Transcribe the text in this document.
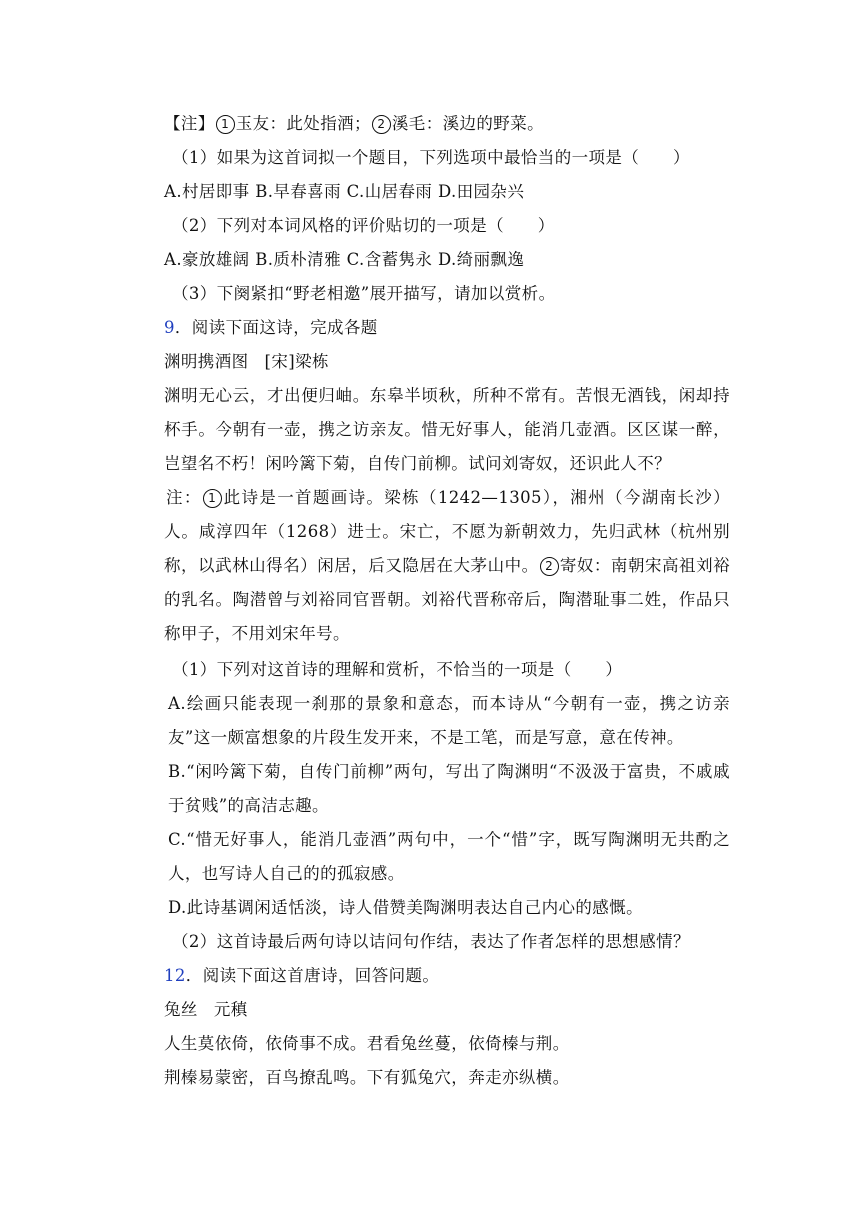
【注】 1 玉友：此处指酒； 2 溪毛：溪边的野菜。
（1）如果为这首词拟一个题目，下列选项中最恰当的一项是（　　）
A.村居即事 B.早春喜雨 C.山居春雨 D.田园杂兴
（2）下列对本词风格的评价贴切的一项是（　　）
A.豪放雄阔 B.质朴清雅 C.含蓄隽永 D.绮丽飘逸
（3）下阕紧扣“野老相邀”展开描写，请加以赏析。
9．阅读下面这诗，完成各题
渊明携酒图 [宋]梁栋
渊明无心云，才出便归岫。东皋半顷秋，所种不常有。苦恨无酒钱，闲却持杯手。今朝有一壶，携之访亲友。惜无好事人，能消几壶酒。区区谋一醉，岂望名不朽！闲吟篱下菊，自传门前柳。试问刘寄奴，还识此人不？
注： 1 此诗是一首题画诗。梁栋（1242—1305），湘州（今湖南长沙）人。咸淳四年（1268）进士。宋亡，不愿为新朝效力，先归武林（杭州别称，以武林山得名）闲居，后又隐居在大茅山中。 2 寄奴：南朝宋高祖刘裕的乳名。陶潜曾与刘裕同官晋朝。刘裕代晋称帝后，陶潜耻事二姓，作品只称甲子，不用刘宋年号。
（1）下列对这首诗的理解和赏析，不恰当的一项是（　　）
A.绘画只能表现一刹那的景象和意态，而本诗从“今朝有一壶，携之访亲友”这一颇富想象的片段生发开来，不是工笔，而是写意，意在传神。
B.“闲吟篱下菊，自传门前柳”两句，写出了陶渊明“不汲汲于富贵，不戚戚于贫贱”的高洁志趣。
C.“惜无好事人，能消几壶酒”两句中，一个“惜”字，既写陶渊明无共酌之人，也写诗人自己的的孤寂感。
D.此诗基调闲适恬淡，诗人借赞美陶渊明表达自己内心的感慨。
（2）这首诗最后两句诗以诘问句作结，表达了作者怎样的思想感情？
12．阅读下面这首唐诗，回答问题。
兔丝 元稹
人生莫依倚，依倚事不成。君看兔丝蔓，依倚榛与荆。
荆榛易蒙密，百鸟撩乱鸣。下有狐兔穴，奔走亦纵横。
